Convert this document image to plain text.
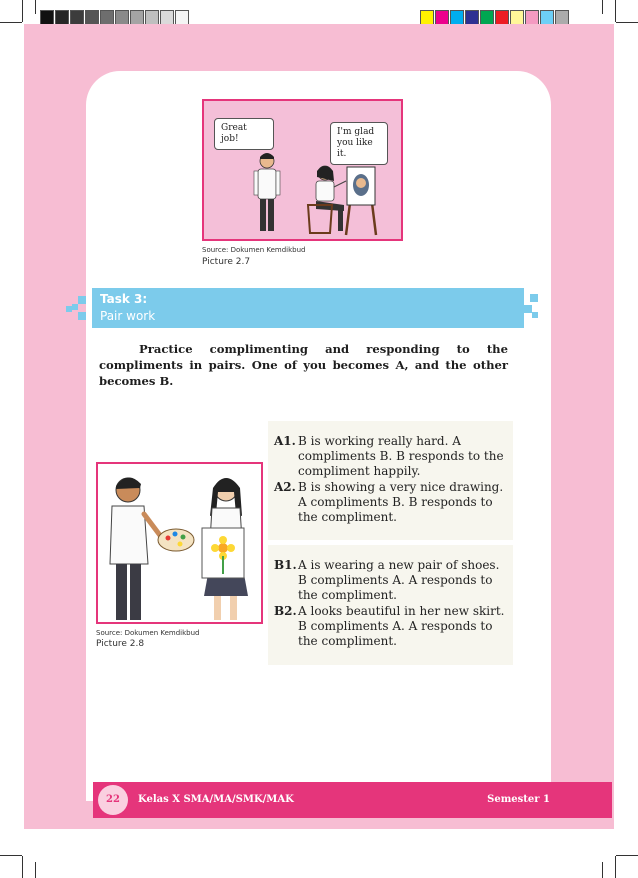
Great job!
I'm glad
you like it.
Source: Dokumen Kemdikbud
Picture 2.7
Task 3:
Pair work
Practice complimenting and responding to the compliments in pairs. One of you becomes A, and the other becomes B.
Source: Dokumen Kemdikbud
Picture 2.8
A1. B is working really hard. A compliments B. B responds to the compliment happily.
A2. B is showing a very nice drawing. A compliments B. B responds to the compliment.
B1. A is wearing a new pair of shoes. B compliments A. A responds to the compliment.
B2. A looks beautiful in her new skirt. B compliments A. A responds to the compliment.
22	Kelas X SMA/MA/SMK/MAK	Semester 1
